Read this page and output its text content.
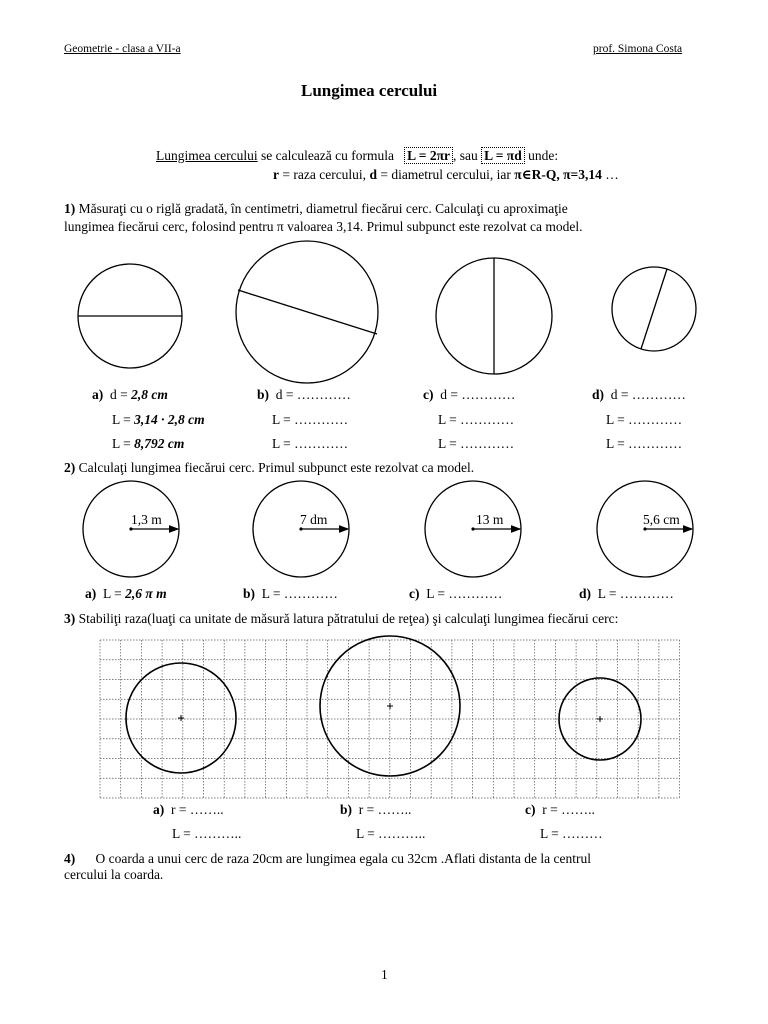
Geometrie - clasa a VII-a	prof. Simona Costa
Lungimea cercului
Lungimea cercului se calculează cu formula L = 2πr , sau L = πd unde:
r = raza cercului, d = diametrul cercului, iar π∈R-Q, π=3,14 …
1) Măsuraţi cu o riglă gradată, în centimetri, diametrul fiecărui cerc. Calculaţi cu aproximaţie
lungimea fiecărui cerc, folosind pentru π valoarea 3,14. Primul subpunct este rezolvat ca model.
a) d = 2,8 cm
L = 3,14 · 2,8 cm
L = 8,792 cm
b) d = …………
L = …………
L = …………
c) d = …………
L = …………
L = …………
d) d = …………
L = …………
L = …………
2) Calculaţi lungimea fiecărui cerc. Primul subpunct este rezolvat ca model.
1,3 m	7 dm	13 m	5,6 cm
a) L = 2,6 π m	b) L = …………	c) L = …………	d) L = …………
3) Stabiliţi raza(luaţi ca unitate de măsură latura pătratului de reţea) şi calculaţi lungimea fiecărui cerc:
a) r = ……..
L = ………..
b) r = ……..
L = ………..
c) r = ……..
L = ………
4) O coarda a unui cerc de raza 20cm are lungimea egala cu 32cm .Aflati distanta de la centrul
cercului la coarda.
1
